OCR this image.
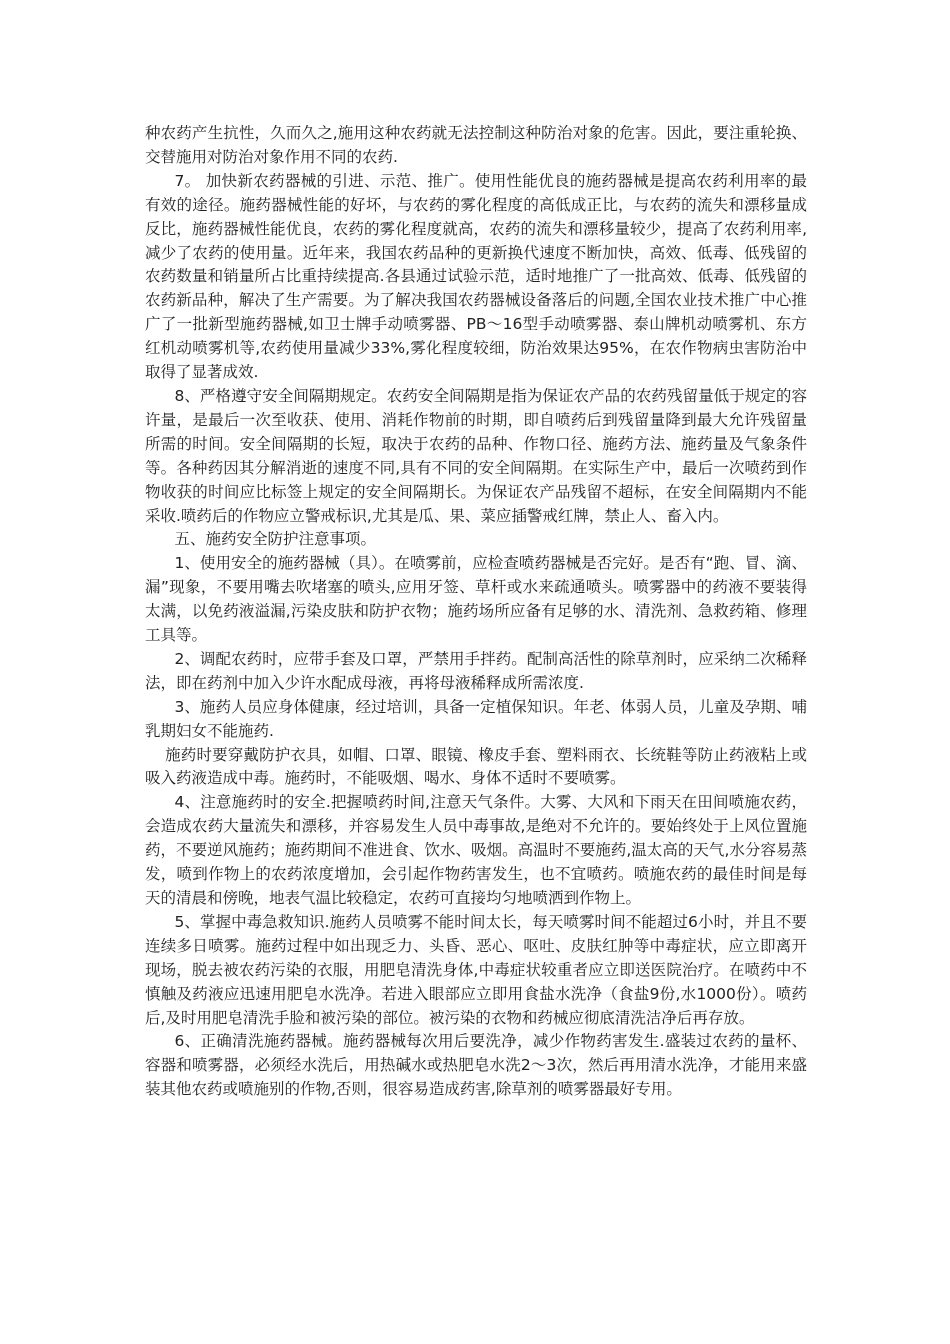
种农药产生抗性，久而久之,施用这种农药就无法控制这种防治对象的危害。因此，要注重轮换、交替施用对防治对象作用不同的农药.

7。 加快新农药器械的引进、示范、推广。使用性能优良的施药器械是提高农药利用率的最有效的途径。施药器械性能的好坏，与农药的雾化程度的高低成正比，与农药的流失和漂移量成反比，施药器械性能优良，农药的雾化程度就高，农药的流失和漂移量较少，提高了农药利用率,减少了农药的使用量。近年来，我国农药品种的更新换代速度不断加快，高效、低毒、低残留的农药数量和销量所占比重持续提高.各县通过试验示范，适时地推广了一批高效、低毒、低残留的农药新品种，解决了生产需要。为了解决我国农药器械设备落后的问题,全国农业技术推广中心推广了一批新型施药器械,如卫士牌手动喷雾器、PB～16型手动喷雾器、泰山牌机动喷雾机、东方红机动喷雾机等,农药使用量减少33%,雾化程度较细，防治效果达95%，在农作物病虫害防治中取得了显著成效.

8、严格遵守安全间隔期规定。农药安全间隔期是指为保证农产品的农药残留量低于规定的容许量，是最后一次至收获、使用、消耗作物前的时期，即自喷药后到残留量降到最大允许残留量所需的时间。安全间隔期的长短，取决于农药的品种、作物口径、施药方法、施药量及气象条件等。各种药因其分解消逝的速度不同,具有不同的安全间隔期。在实际生产中，最后一次喷药到作物收获的时间应比标签上规定的安全间隔期长。为保证农产品残留不超标，在安全间隔期内不能采收.喷药后的作物应立警戒标识,尤其是瓜、果、菜应插警戒红牌，禁止人、畜入内。

五、施药安全防护注意事项。

1、使用安全的施药器械（具）。在喷雾前，应检查喷药器械是否完好。是否有“跑、冒、滴、漏”现象，不要用嘴去吹堵塞的喷头,应用牙签、草杆或水来疏通喷头。喷雾器中的药液不要装得太满，以免药液溢漏,污染皮肤和防护衣物；施药场所应备有足够的水、清洗剂、急救药箱、修理工具等。

2、调配农药时，应带手套及口罩，严禁用手拌药。配制高活性的除草剂时，应采纳二次稀释法，即在药剂中加入少许水配成母液，再将母液稀释成所需浓度.

3、施药人员应身体健康，经过培训，具备一定植保知识。年老、体弱人员，儿童及孕期、哺乳期妇女不能施药.

施药时要穿戴防护衣具，如帽、口罩、眼镜、橡皮手套、塑料雨衣、长统鞋等防止药液粘上或吸入药液造成中毒。施药时，不能吸烟、喝水、身体不适时不要喷雾。

4、注意施药时的安全.把握喷药时间,注意天气条件。大雾、大风和下雨天在田间喷施农药，会造成农药大量流失和漂移，并容易发生人员中毒事故,是绝对不允许的。要始终处于上风位置施药，不要逆风施药；施药期间不准进食、饮水、吸烟。高温时不要施药,温太高的天气,水分容易蒸发，喷到作物上的农药浓度增加，会引起作物药害发生，也不宜喷药。喷施农药的最佳时间是每天的清晨和傍晚，地表气温比较稳定，农药可直接均匀地喷洒到作物上。

5、掌握中毒急救知识.施药人员喷雾不能时间太长，每天喷雾时间不能超过6小时，并且不要连续多日喷雾。施药过程中如出现乏力、头昏、恶心、呕吐、皮肤红肿等中毒症状，应立即离开现场，脱去被农药污染的衣服，用肥皂清洗身体,中毒症状较重者应立即送医院治疗。在喷药中不慎触及药液应迅速用肥皂水洗净。若进入眼部应立即用食盐水洗净（食盐9份,水1000份）。喷药后,及时用肥皂清洗手脸和被污染的部位。被污染的衣物和药械应彻底清洗洁净后再存放。

6、正确清洗施药器械。施药器械每次用后要洗净，减少作物药害发生.盛装过农药的量杯、容器和喷雾器，必须经水洗后，用热碱水或热肥皂水洗2～3次，然后再用清水洗净，才能用来盛装其他农药或喷施别的作物,否则，很容易造成药害,除草剂的喷雾器最好专用。
